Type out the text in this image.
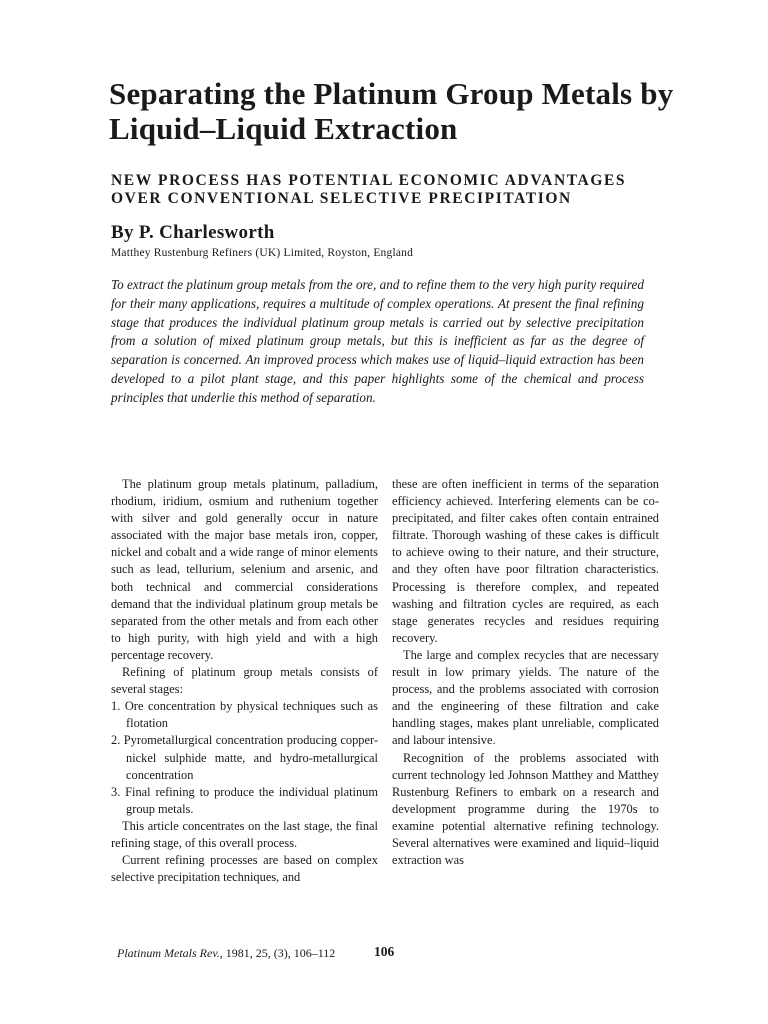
Separating the Platinum Group Metals by Liquid–Liquid Extraction
NEW PROCESS HAS POTENTIAL ECONOMIC ADVANTAGES OVER CONVENTIONAL SELECTIVE PRECIPITATION
By P. Charlesworth
Matthey Rustenburg Refiners (UK) Limited, Royston, England

To extract the platinum group metals from the ore, and to refine them to the very high purity required for their many applications, requires a multitude of complex operations. At present the final refining stage that produces the individual platinum group metals is carried out by selective precipitation from a solution of mixed platinum group metals, but this is inefficient as far as the degree of separation is concerned. An improved process which makes use of liquid–liquid extraction has been developed to a pilot plant stage, and this paper highlights some of the chemical and process principles that underlie this method of separation.

The platinum group metals platinum, palladium, rhodium, iridium, osmium and ruthenium together with silver and gold generally occur in nature associated with the major base metals iron, copper, nickel and cobalt and a wide range of minor elements such as lead, tellurium, selenium and arsenic, and both technical and commercial considerations demand that the individual platinum group metals be separated from the other metals and from each other to high purity, with high yield and with a high percentage recovery.

Refining of platinum group metals consists of several stages:

1. Ore concentration by physical techniques such as flotation

2. Pyrometallurgical concentration producing copper-nickel sulphide matte, and hydro-metallurgical concentration

3. Final refining to produce the individual platinum group metals.

This article concentrates on the last stage, the final refining stage, of this overall process.

Current refining processes are based on complex selective precipitation techniques, and

these are often inefficient in terms of the separation efficiency achieved. Interfering elements can be co-precipitated, and filter cakes often contain entrained filtrate. Thorough washing of these cakes is difficult to achieve owing to their nature, and their structure, and they often have poor filtration characteristics. Processing is therefore complex, and repeated washing and filtration cycles are required, as each stage generates recycles and residues requiring recovery.

The large and complex recycles that are necessary result in low primary yields. The nature of the process, and the problems associated with corrosion and the engineering of these filtration and cake handling stages, makes plant unreliable, complicated and labour intensive.

Recognition of the problems associated with current technology led Johnson Matthey and Matthey Rustenburg Refiners to embark on a research and development programme during the 1970s to examine potential alternative refining technology. Several alternatives were examined and liquid–liquid extraction was

Platinum Metals Rev., 1981, 25, (3), 106–112	106
